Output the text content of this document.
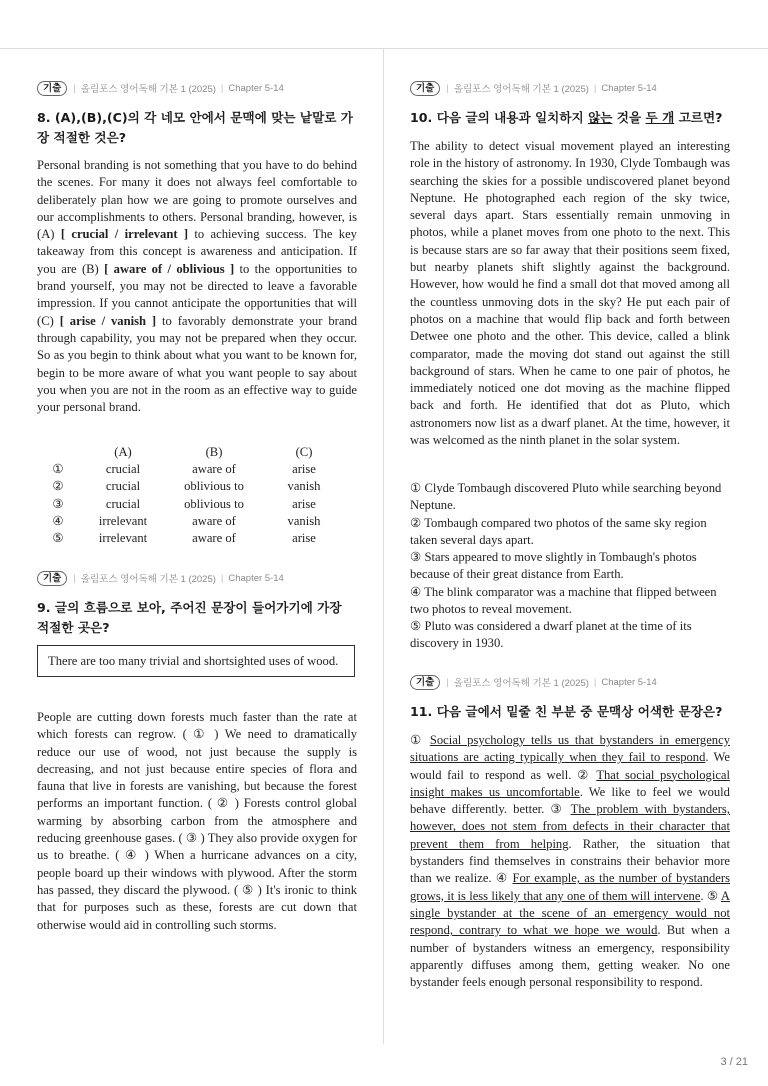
기출	| 올림포스 영어독해 기본 1 (2025) | Chapter 5-14

8. (A),(B),(C)의 각 네모 안에서 문맥에 맞는 낱말로 가장 적절한 것은?

Personal branding is not something that you have to do behind the scenes. For many it does not always feel comfortable to deliberately plan how we are going to promote ourselves and our accomplishments to others. Personal branding, however, is (A) [ crucial / irrelevant ] to achieving success. The key takeaway from this concept is awareness and anticipation. If you are (B) [ aware of / oblivious ] to the opportunities to brand yourself, you may not be directed to leave a favorable impression. If you cannot anticipate the opportunities that will (C) [ arise / vanish ] to favorably demonstrate your brand through capability, you may not be prepared when they occur. So as you begin to think about what you want to be known for, begin to be more aware of what you want people to say about you when you are not in the room as an effective way to guide your personal brand.

	(A)	(B)	(C)
①	crucial	aware of	arise
②	crucial	oblivious to	vanish
③	crucial	oblivious to	arise
④	irrelevant	aware of	vanish
⑤	irrelevant	aware of	arise
기출	| 올림포스 영어독해 기본 1 (2025) | Chapter 5-14

9. 글의 흐름으로 보아, 주어진 문장이 들어가기에 가장 적절한 곳은?

There are too many trivial and shortsighted uses of wood.

People are cutting down forests much faster than the rate at which forests can regrow. ( ① ) We need to dramatically reduce our use of wood, not just because the supply is decreasing, and not just because entire species of flora and fauna that live in forests are vanishing, but because the forest performs an important function. ( ② ) Forests control global warming by absorbing carbon from the atmosphere and reducing greenhouse gases. ( ③ ) They also provide oxygen for us to breathe. ( ④ ) When a hurricane advances on a city, people board up their windows with plywood. After the storm has passed, they discard the plywood. ( ⑤ ) It's ironic to think that for purposes such as these, forests are cut down that otherwise would aid in controlling such storms.

기출	| 올림포스 영어독해 기본 1 (2025) | Chapter 5-14

10. 다음 글의 내용과 일치하지 않는 것을 두 개 고르면?

The ability to detect visual movement played an interesting role in the history of astronomy. In 1930, Clyde Tombaugh was searching the skies for a possible undiscovered planet beyond Neptune. He photographed each region of the sky twice, several days apart. Stars essentially remain unmoving in photos, while a planet moves from one photo to the next. This is because stars are so far away that their positions seem fixed, but nearby planets shift slightly against the background. However, how would he find a small dot that moved among all the countless unmoving dots in the sky? He put each pair of photos on a machine that would flip back and forth between Detwee one photo and the other. This device, called a blink comparator, made the moving dot stand out against the still background of stars. When he came to one pair of photos, he immediately noticed one dot moving as the machine flipped back and forth. He identified that dot as Pluto, which astronomers now list as a dwarf planet. At the time, however, it was welcomed as the ninth planet in the solar system.

① Clyde Tombaugh discovered Pluto while searching beyond Neptune.

② Tombaugh compared two photos of the same sky region taken several days apart.

③ Stars appeared to move slightly in Tombaugh's photos because of their great distance from Earth.

④ The blink comparator was a machine that flipped between two photos to reveal movement.

⑤ Pluto was considered a dwarf planet at the time of its discovery in 1930.

기출	| 올림포스 영어독해 기본 1 (2025) | Chapter 5-14

11. 다음 글에서 밑줄 친 부분 중 문맥상 어색한 문장은?

① Social psychology tells us that bystanders in emergency situations are acting typically when they fail to respond. We would fail to respond as well. ② That social psychological insight makes us uncomfortable. We like to feel we would behave differently. better. ③ The problem with bystanders, however, does not stem from defects in their character that prevent them from helping. Rather, the situation that bystanders find themselves in constrains their behavior more than we realize. ④ For example, as the number of bystanders grows, it is less likely that any one of them will intervene. ⑤ A single bystander at the scene of an emergency would not respond, contrary to what we hope we would. But when a number of bystanders witness an emergency, responsibility apparently diffuses among them, getting weaker. No one bystander feels enough personal responsibility to respond.

3 / 21
